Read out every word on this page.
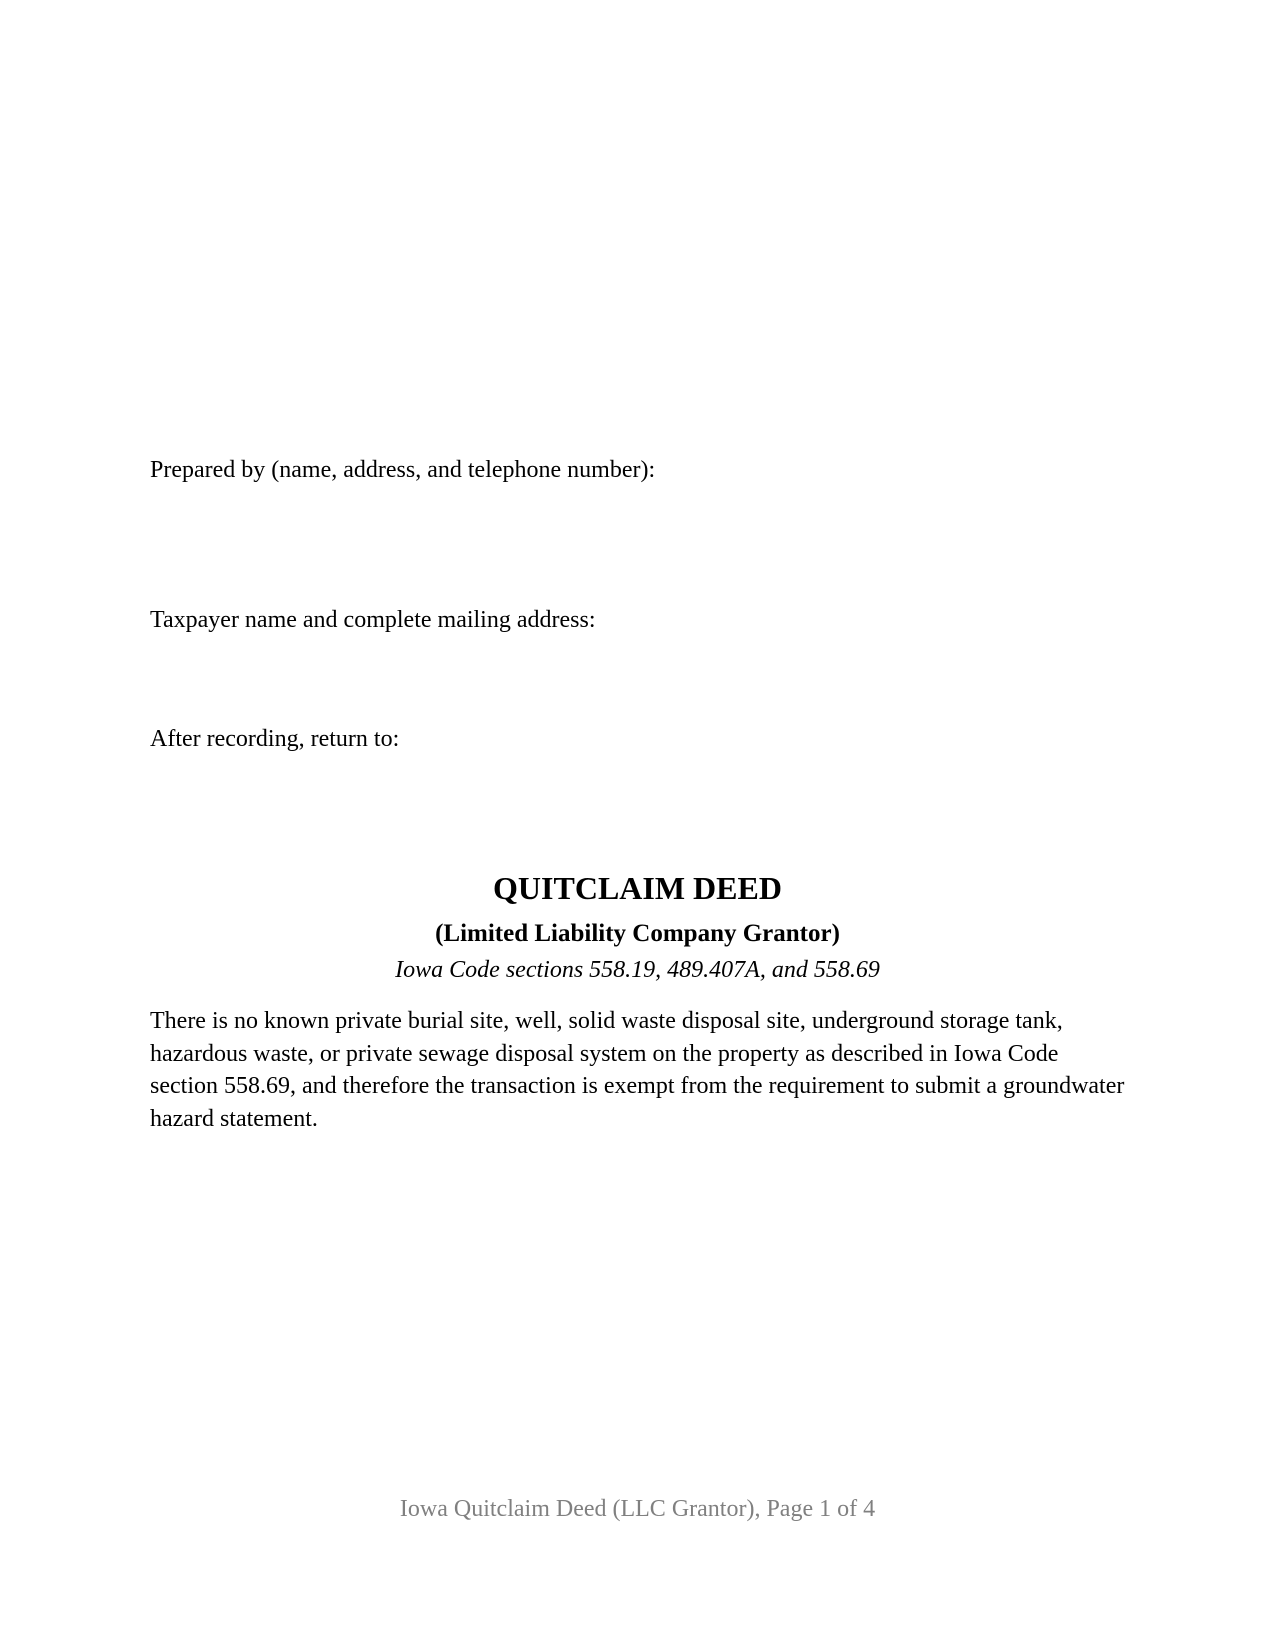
Prepared by (name, address, and telephone number):
Taxpayer name and complete mailing address:
After recording, return to:
QUITCLAIM DEED
(Limited Liability Company Grantor)
Iowa Code sections 558.19, 489.407A, and 558.69

There is no known private burial site, well, solid waste disposal site, underground storage tank, hazardous waste, or private sewage disposal system on the property as described in Iowa Code section 558.69, and therefore the transaction is exempt from the requirement to submit a groundwater hazard statement.

Iowa Quitclaim Deed (LLC Grantor), Page 1 of 4
